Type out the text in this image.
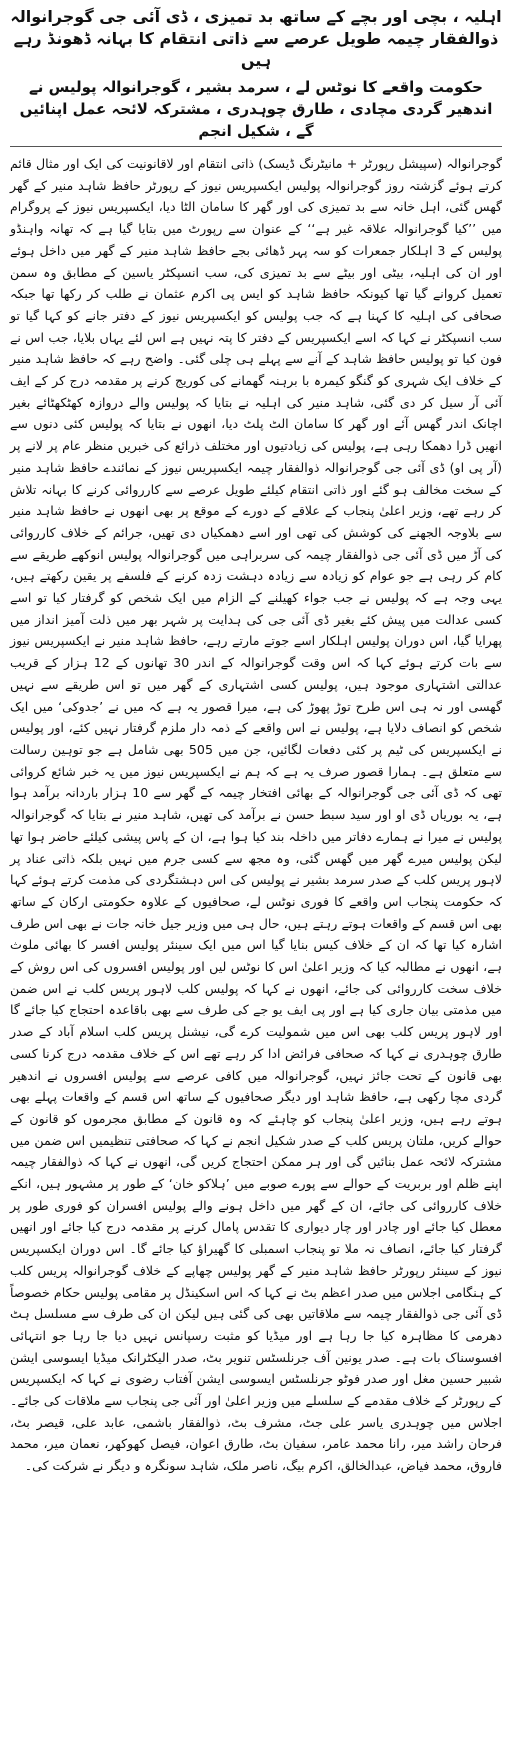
اہلیہ ، بچی اور بچے کے ساتھ بد تمیزی ، ڈی آئی جی گوجرانوالہ ذوالفقار چیمہ طویل عرصے سے ذاتی انتقام کا بہانہ ڈھونڈ رہے ہیں
حکومت واقعے کا نوٹس لے ، سرمد بشیر ، گوجرانوالہ پولیس نے اندھیر گردی مچادی ، طارق چوہدری ، مشترکہ لائحہ عمل اپنائیں گے ، شکیل انجم

گوجرانوالہ (سپیشل رپورٹر + مانیٹرنگ ڈیسک) ذاتی انتقام اور لاقانونیت کی ایک اور مثال قائم کرتے ہوئے گزشتہ روز گوجرانوالہ پولیس ایکسپریس نیوز کے رپورٹر حافظ شاہد منیر کے گھر گھس گئی، اہل خانہ سے بد تمیزی کی اور گھر کا سامان الٹا دیا، ایکسپریس نیوز کے پروگرام میں ’’کیا گوجرانوالہ علاقہ غیر ہے‘‘ کے عنوان سے رپورٹ میں بتایا گیا ہے کہ تھانہ واہنڈو پولیس کے 3 اہلکار جمعرات کو سہ پہر ڈھائی بجے حافظ شاہد منیر کے گھر میں داخل ہوئے اور ان کی اہلیہ، بیٹی اور بیٹے سے بد تمیزی کی، سب انسپکٹر یاسین کے مطابق وہ سمن تعمیل کروانے گیا تھا کیونکہ حافظ شاہد کو ایس پی اکرم عثمان نے طلب کر رکھا تھا جبکہ صحافی کی اہلیہ کا کہنا ہے کہ جب پولیس کو ایکسپریس نیوز کے دفتر جانے کو کہا گیا تو سب انسپکٹر نے کہا کہ اسے ایکسپریس کے دفتر کا پتہ نہیں ہے اس لئے یہاں بلایا، جب اس نے فون کیا تو پولیس حافظ شاہد کے آنے سے پہلے ہی چلی گئی۔ واضح رہے کہ حافظ شاہد منیر کے خلاف ایک شہری کو گنگو کیمرہ با برہنہ گھمانے کی کوریج کرنے پر مقدمہ درج کر کے ایف آئی آر سیل کر دی گئی، شاہد منیر کی اہلیہ نے بتایا کہ پولیس والے دروازہ کھٹکھٹائے بغیر اچانک اندر گھس آئے اور گھر کا سامان الٹ پلٹ دیا، انھوں نے بتایا کہ پولیس کئی دنوں سے انھیں ڈرا دھمکا رہی ہے، پولیس کی زیادتیوں اور مختلف ذرائع کی خبریں منظر عام پر لانے پر (آر پی او) ڈی آئی جی گوجرانوالہ ذوالفقار چیمہ ایکسپریس نیوز کے نمائندے حافظ شاہد منیر کے سخت مخالف ہو گئے اور ذاتی انتقام کیلئے طویل عرصے سے کارروائی کرنے کا بہانہ تلاش کر رہے تھے، وزیر اعلیٰ پنجاب کے علاقے کے دورے کے موقع پر بھی انھوں نے حافظ شاہد منیر سے بلاوجہ الجھنے کی کوشش کی تھی اور اسے دھمکیاں دی تھیں، جرائم کے خلاف کارروائی کی آڑ میں ڈی آئی جی ذوالفقار چیمہ کی سربراہی میں گوجرانوالہ پولیس انوکھے طریقے سے کام کر رہی ہے جو عوام کو زیادہ سے زیادہ دہشت زدہ کرنے کے فلسفے پر یقین رکھتے ہیں، یہی وجہ ہے کہ پولیس نے جب جواء کھیلنے کے الزام میں ایک شخص کو گرفتار کیا تو اسے کسی عدالت میں پیش کئے بغیر ڈی آئی جی کی ہدایت پر شہر بھر میں ذلت آمیز انداز میں پھرایا گیا، اس دوران پولیس اہلکار اسے جوتے مارتے رہے، حافظ شاہد منیر نے ایکسپریس نیوز سے بات کرتے ہوئے کہا کہ اس وقت گوجرانوالہ کے اندر 30 تھانوں کے 12 ہزار کے قریب عدالتی اشتہاری موجود ہیں، پولیس کسی اشتہاری کے گھر میں تو اس طریقے سے نہیں گھسی اور نہ ہی اس طرح توڑ پھوڑ کی ہے، میرا قصور یہ ہے کہ میں نے ’جدوکی‘ میں ایک شخص کو انصاف دلایا ہے، پولیس نے اس واقعے کے ذمہ دار ملزم گرفتار نہیں کئے، اور پولیس نے ایکسپریس کی ٹیم پر کئی دفعات لگائیں، جن میں 505 بھی شامل ہے جو توہین رسالت سے متعلق ہے۔ ہمارا قصور صرف یہ ہے کہ ہم نے ایکسپریس نیوز میں یہ خبر شائع کروائی تھی کہ ڈی آئی جی گوجرانوالہ کے بھائی افتخار چیمہ کے گھر سے 10 ہزار باردانہ برآمد ہوا ہے، یہ بوریاں ڈی او اور سید سبط حسن نے برآمد کی تھیں، شاہد منیر نے بتایا کہ گوجرانوالہ پولیس نے میرا نے ہمارے دفاتر میں داخلہ بند کیا ہوا ہے، ان کے پاس پیشی کیلئے حاضر ہوا تھا لیکن پولیس میرے گھر میں گھس گئی، وہ مجھ سے کسی جرم میں نہیں بلکہ ذاتی عناد پر لاہور پریس کلب کے صدر سرمد بشیر نے پولیس کی اس دہشتگردی کی مذمت کرتے ہوئے کہا کہ حکومت پنجاب اس واقعے کا فوری نوٹس لے، صحافیوں کے علاوہ حکومتی ارکان کے ساتھ بھی اس قسم کے واقعات ہوتے رہتے ہیں، حال ہی میں وزیر جیل خانہ جات نے بھی اس طرف اشارہ کیا تھا کہ ان کے خلاف کیس بنایا گیا اس میں ایک سینئر پولیس افسر کا بھائی ملوث ہے، انھوں نے مطالبہ کیا کہ وزیر اعلیٰ اس کا نوٹس لیں اور پولیس افسروں کی اس روش کے خلاف سخت کارروائی کی جائے، انھوں نے کہا کہ پولیس کلب لاہور پریس کلب نے اس ضمن میں مذمتی بیان جاری کیا ہے اور پی ایف یو جے کی طرف سے بھی باقاعدہ احتجاج کیا جائے گا اور لاہور پریس کلب بھی اس میں شمولیت کرے گی، نیشنل پریس کلب اسلام آباد کے صدر طارق چوہدری نے کہا کہ صحافی فرائض ادا کر رہے تھے اس کے خلاف مقدمہ درج کرنا کسی بھی قانون کے تحت جائز نہیں، گوجرانوالہ میں کافی عرصے سے پولیس افسروں نے اندھیر گردی مچا رکھی ہے، حافظ شاہد اور دیگر صحافیوں کے ساتھ اس قسم کے واقعات پہلے بھی ہوتے رہے ہیں، وزیر اعلیٰ پنجاب کو چاہئے کہ وہ قانون کے مطابق مجرموں کو قانون کے حوالے کریں، ملتان پریس کلب کے صدر شکیل انجم نے کہا کہ صحافتی تنظیمیں اس ضمن میں مشترکہ لائحہ عمل بنائیں گی اور ہر ممکن احتجاج کریں گی، انھوں نے کہا کہ ذوالفقار چیمہ اپنے ظلم اور بربریت کے حوالے سے پورے صوبے میں ’ہلاکو خان‘ کے طور پر مشہور ہیں، انکے خلاف کارروائی کی جائے، ان کے گھر میں داخل ہونے والے پولیس افسران کو فوری طور پر معطل کیا جائے اور چادر اور چار دیواری کا تقدس پامال کرنے پر مقدمہ درج کیا جائے اور انھیں گرفتار کیا جائے، انصاف نہ ملا تو پنجاب اسمبلی کا گھیراؤ کیا جائے گا۔ اس دوران ایکسپریس نیوز کے سینئر رپورٹر حافظ شاہد منیر کے گھر پولیس چھاپے کے خلاف گوجرانوالہ پریس کلب کے ہنگامی اجلاس میں صدر اعظم بٹ نے کہا کہ اس اسکینڈل پر مقامی پولیس حکام خصوصاً ڈی آئی جی ذوالفقار چیمہ سے ملاقاتیں بھی کی گئی ہیں لیکن ان کی طرف سے مسلسل ہٹ دھرمی کا مظاہرہ کیا جا رہا ہے اور میڈیا کو مثبت رسپانس نہیں دیا جا رہا جو انتہائی افسوسناک بات ہے۔ صدر یونین آف جرنلسٹس تنویر بٹ، صدر الیکٹرانک میڈیا ایسوسی ایشن شبیر حسین مغل اور صدر فوٹو جرنلسٹس ایسوسی ایشن آفتاب رضوی نے کہا کہ ایکسپریس کے رپورٹر کے خلاف مقدمے کے سلسلے میں وزیر اعلیٰ اور آئی جی پنجاب سے ملاقات کی جائے۔ اجلاس میں چوہدری یاسر علی جٹ، مشرف بٹ، ذوالفقار باشمی، عابد علی، قیصر بٹ، فرحان راشد میر، رانا محمد عامر، سفیان بٹ، طارق اعوان، فیصل کھوکھر، نعمان میر، محمد فاروق، محمد فیاض، عبدالخالق، اکرم بیگ، ناصر ملک، شاہد سونگرہ و دیگر نے شرکت کی۔
